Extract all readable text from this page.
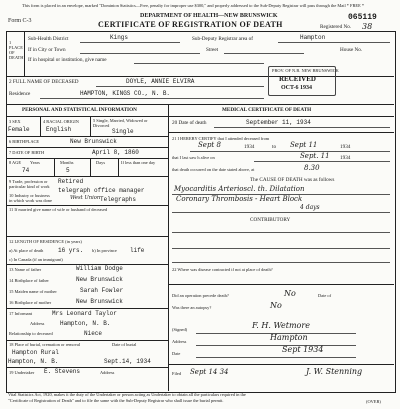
This form is placed in an envelope, marked "Dominion Statistics—Free, penalty for improper use $300," and properly addressed to the Sub-Deputy Registrar will pass through the Mail * FREE *
Form C-3
DEPARTMENT OF HEALTH—NEW BRUNSWICK
CERTIFICATE OF REGISTRATION OF DEATH
065119
Registered No. 38
1 PLACE OF DEATH
Sub-Health District	Kings	Sub-Deputy Registrar area of	Hampton
If in City or Town	Street	House No.
If in hospital or institution, give name
2 FULL NAME OF DECEASED	DOYLE, ANNIE ELVIRA
Residence	HAMPTON, KINGS CO., N. B.
PROV. OF N.B. NEW BRUNSWICK
RECEIVED
OCT-6 1934
PERSONAL AND STATISTICAL INFORMATION
3 SEX
Female
4 RACIAL ORIGIN
English
5 Single, Married, Widowed or Divorced
Single
6 BIRTHPLACE	New Brunswick
7 DATE OF BIRTH	April 8, 1860
8 AGE Years
74
Months
5
Days	If less than one day
9 Trade, profession or particular kind of work
Retired
10 Industry or business in which work was done
telegraph office manager
West Union Telegraphs
11 If married give name of wife or husband of deceased
12 LENGTH OF RESIDENCE (in years)
a) At place of death 16 yrs. b) In province life
c) In Canada (if an immigrant)
13 Name of father	William Dodge
14 Birthplace of father	New Brunswick
15 Maiden name of mother	Sarah Fowler
16 Birthplace of mother	New Brunswick
17 Informant	Mrs Leonard Taylor
Address	Hampton, N. B.
Relationship to deceased	Niece
18 Place of burial, cremation or removal	Date of burial
Hampton Rural
Hampton, N. B.	Sept.14, 1934
19 Undertaker E. Stevens	Address
MEDICAL CERTIFICATE OF DEATH
20 Date of death	September 11, 1934
21 I HEREBY CERTIFY that I attended deceased from
Sept 8	1934	to Sept 11	1934
that I last saw h alive on	Sept. 11 1934
that death occurred on the date stated above, at	8.30
The CAUSE OF DEATH was as follows
Myocarditis Arterioscl. th. Dilatation
Coronary Thrombosis - Heart Block
4 days
CONTRIBUTORY
22 Where was disease contracted if not at place of death?
Did an operation precede death?	No	Date of
Was there an autopsy?	No
(Signed)	F. H. Wetmore
Address	Hampton
Date	Sept 1934
Filed Sept 14 34	J. W. Stenning
Vital Statistics Act, 1920, makes it the duty of the Undertaker or person acting as Undertaker to obtain all the particulars required in the
"Certificate of Registration of Death" and to file the same with the Sub-Deputy Registrar who shall issue the burial permit.	(OVER)
